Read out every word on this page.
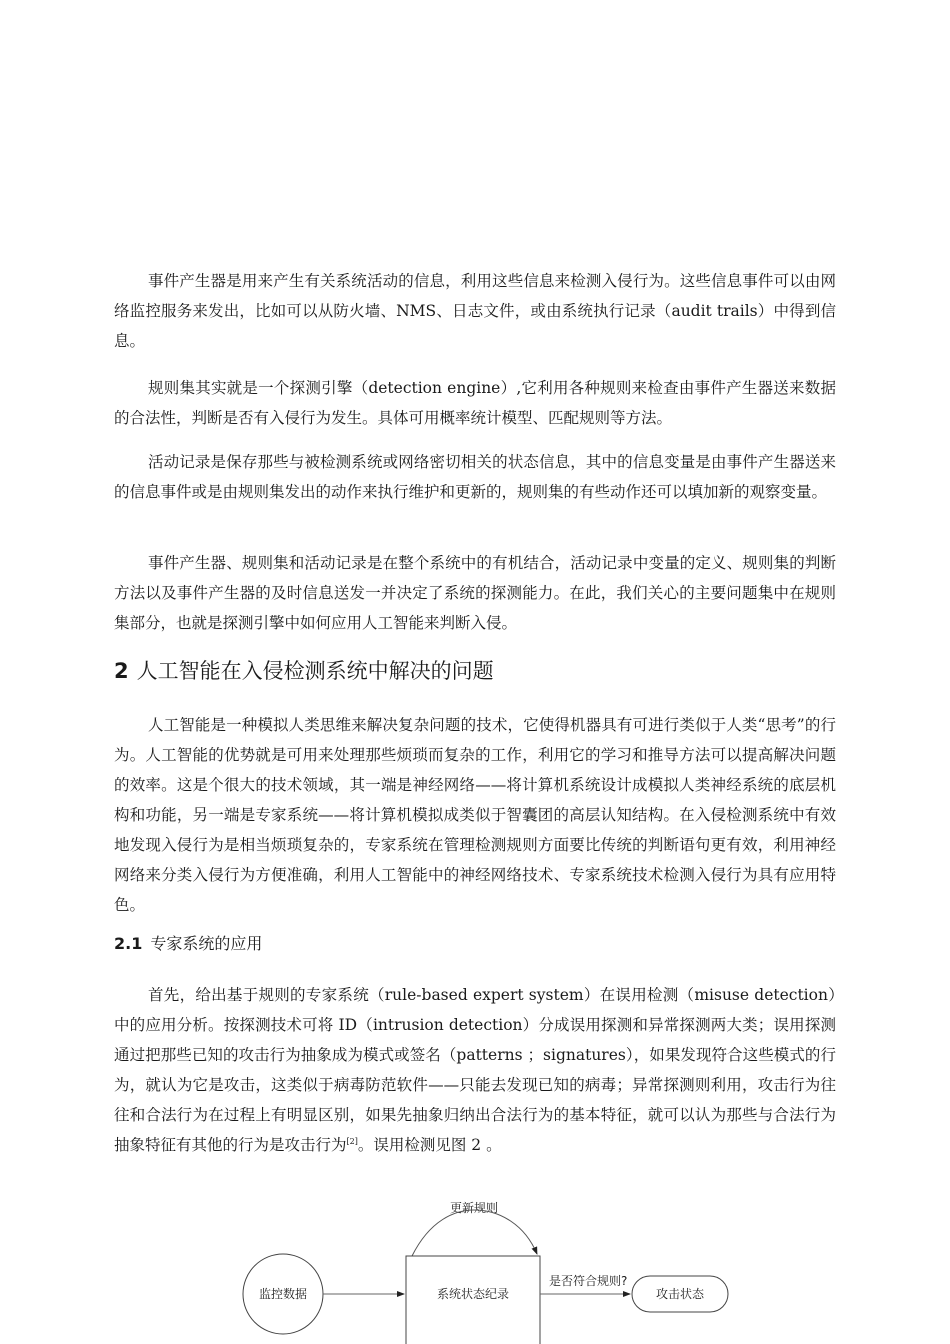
事件产生器是用来产生有关系统活动的信息，利用这些信息来检测入侵行为。这些信息事件可以由网络监控服务来发出，比如可以从防火墙、NMS、日志文件，或由系统执行记录（audit trails）中得到信息。

规则集其实就是一个探测引擎（detection engine）,它利用各种规则来检查由事件产生器送来数据的合法性，判断是否有入侵行为发生。具体可用概率统计模型、匹配规则等方法。

活动记录是保存那些与被检测系统或网络密切相关的状态信息，其中的信息变量是由事件产生器送来的信息事件或是由规则集发出的动作来执行维护和更新的，规则集的有些动作还可以填加新的观察变量。

事件产生器、规则集和活动记录是在整个系统中的有机结合，活动记录中变量的定义、规则集的判断方法以及事件产生器的及时信息送发一并决定了系统的探测能力。在此，我们关心的主要问题集中在规则集部分，也就是探测引擎中如何应用人工智能来判断入侵。

2 人工智能在入侵检测系统中解决的问题

人工智能是一种模拟人类思维来解决复杂问题的技术，它使得机器具有可进行类似于人类“思考”的行为。人工智能的优势就是可用来处理那些烦琐而复杂的工作，利用它的学习和推导方法可以提高解决问题的效率。这是个很大的技术领域，其一端是神经网络——将计算机系统设计成模拟人类神经系统的底层机构和功能，另一端是专家系统——将计算机模拟成类似于智囊团的高层认知结构。在入侵检测系统中有效地发现入侵行为是相当烦琐复杂的，专家系统在管理检测规则方面要比传统的判断语句更有效，利用神经网络来分类入侵行为方便准确，利用人工智能中的神经网络技术、专家系统技术检测入侵行为具有应用特色。

2.1 专家系统的应用

首先，给出基于规则的专家系统（rule-based expert system）在误用检测（misuse detection）中的应用分析。按探测技术可将 ID（intrusion detection）分成误用探测和异常探测两大类；误用探测通过把那些已知的攻击行为抽象成为模式或签名（patterns ；signatures），如果发现符合这些模式的行为，就认为它是攻击，这类似于病毒防范软件——只能去发现已知的病毒；异常探测则利用，攻击行为往往和合法行为在过程上有明显区别，如果先抽象归纳出合法行为的基本特征，就可以认为那些与合法行为抽象特征有其他的行为是攻击行为[2]。误用检测见图 2 。

更新规则
监控数据	系统状态纪录
是否符合规则?
攻击状态
